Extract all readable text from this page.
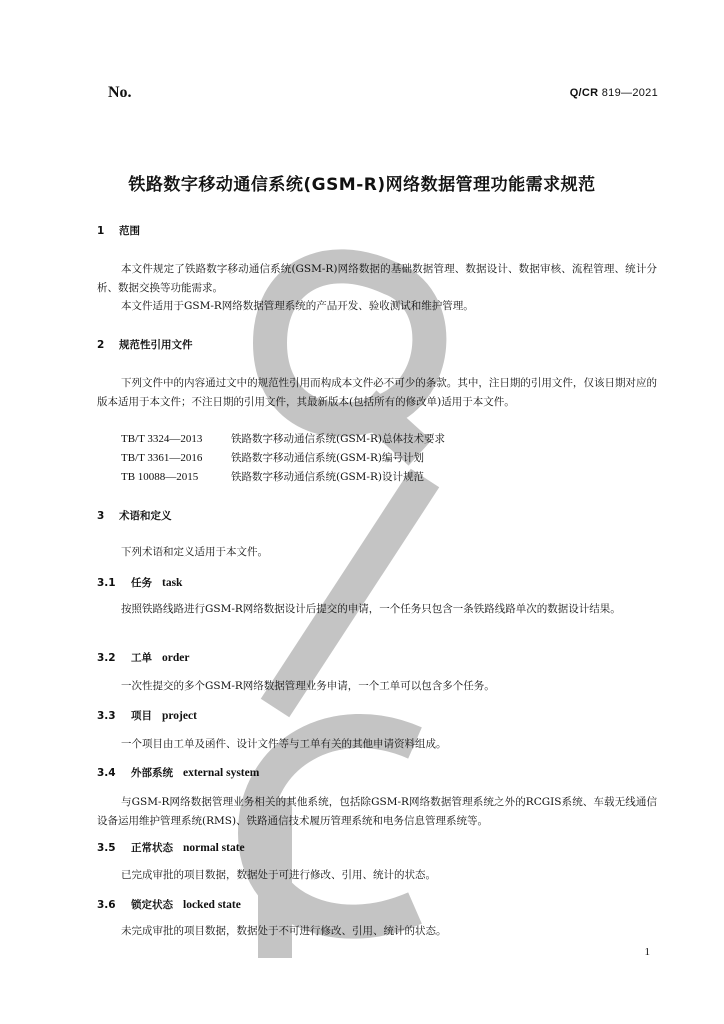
No.	Q/CR 819—2021
铁路数字移动通信系统(GSM-R)网络数据管理功能需求规范
1 范围
本文件规定了铁路数字移动通信系统(GSM-R)网络数据的基础数据管理、数据设计、数据审核、流程管理、统计分析、数据交换等功能需求。
本文件适用于GSM-R网络数据管理系统的产品开发、验收测试和维护管理。
2 规范性引用文件
下列文件中的内容通过文中的规范性引用而构成本文件必不可少的条款。其中，注日期的引用文件，仅该日期对应的版本适用于本文件；不注日期的引用文件，其最新版本(包括所有的修改单)适用于本文件。
TB/T 3324—2013	铁路数字移动通信系统(GSM-R)总体技术要求
TB/T 3361—2016	铁路数字移动通信系统(GSM-R)编号计划
TB 10088—2015	铁路数字移动通信系统(GSM-R)设计规范
3 术语和定义
下列术语和定义适用于本文件。
3.1 任务 task
按照铁路线路进行GSM-R网络数据设计后提交的申请，一个任务只包含一条铁路线路单次的数据设计结果。
3.2 工单 order
一次性提交的多个GSM-R网络数据管理业务申请，一个工单可以包含多个任务。
3.3 项目 project
一个项目由工单及函件、设计文件等与工单有关的其他申请资料组成。
3.4 外部系统 external system
与GSM-R网络数据管理业务相关的其他系统，包括除GSM-R网络数据管理系统之外的RCGIS系统、车载无线通信设备运用维护管理系统(RMS)、铁路通信技术履历管理系统和电务信息管理系统等。
3.5 正常状态 normal state
已完成审批的项目数据，数据处于可进行修改、引用、统计的状态。
3.6 锁定状态 locked state
未完成审批的项目数据，数据处于不可进行修改、引用、统计的状态。
1
